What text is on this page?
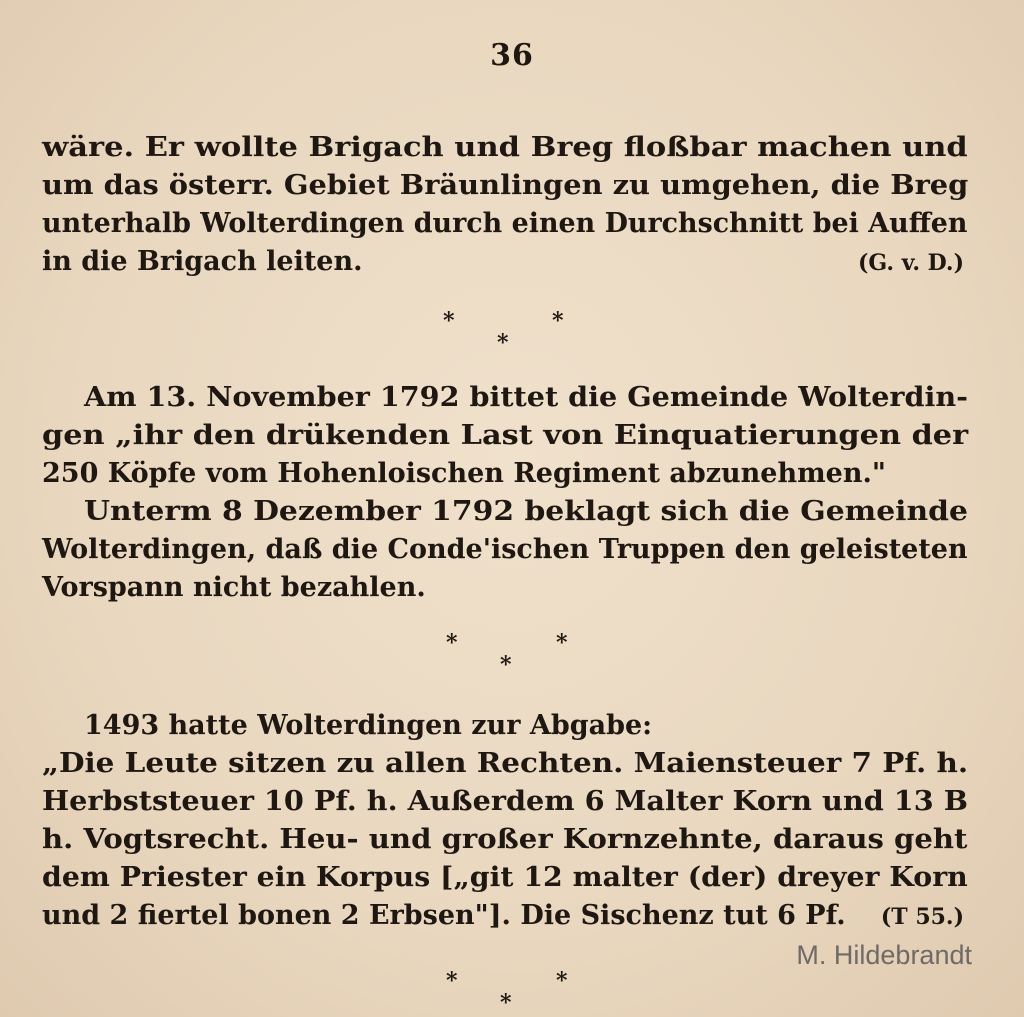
36
wäre. Er wollte Brigach und Breg floßbar machen und
um das österr. Gebiet Bräunlingen zu umgehen, die Breg
unterhalb Wolterdingen durch einen Durchschnitt bei Auffen
in die Brigach leiten.	(G. v. D.)
*	*
*
Am 13. November 1792 bittet die Gemeinde Wolterdin-
gen „ihr den drükenden Last von Einquatierungen der
250 Köpfe vom Hohenloischen Regiment abzunehmen."
Unterm 8 Dezember 1792 beklagt sich die Gemeinde
Wolterdingen, daß die Conde'ischen Truppen den geleisteten
Vorspann nicht bezahlen.
*	*
*
1493 hatte Wolterdingen zur Abgabe:
„Die Leute sitzen zu allen Rechten. Maiensteuer 7 Pf. h.
Herbststeuer 10 Pf. h. Außerdem 6 Malter Korn und 13 B
h. Vogtsrecht. Heu- und großer Kornzehnte, daraus geht
dem Priester ein Korpus [„git 12 malter (der) dreyer Korn
und 2 fiertel bonen 2 Erbsen"]. Die Sischenz tut 6 Pf. (T 55.)
*	*
*
M. Hildebrandt
